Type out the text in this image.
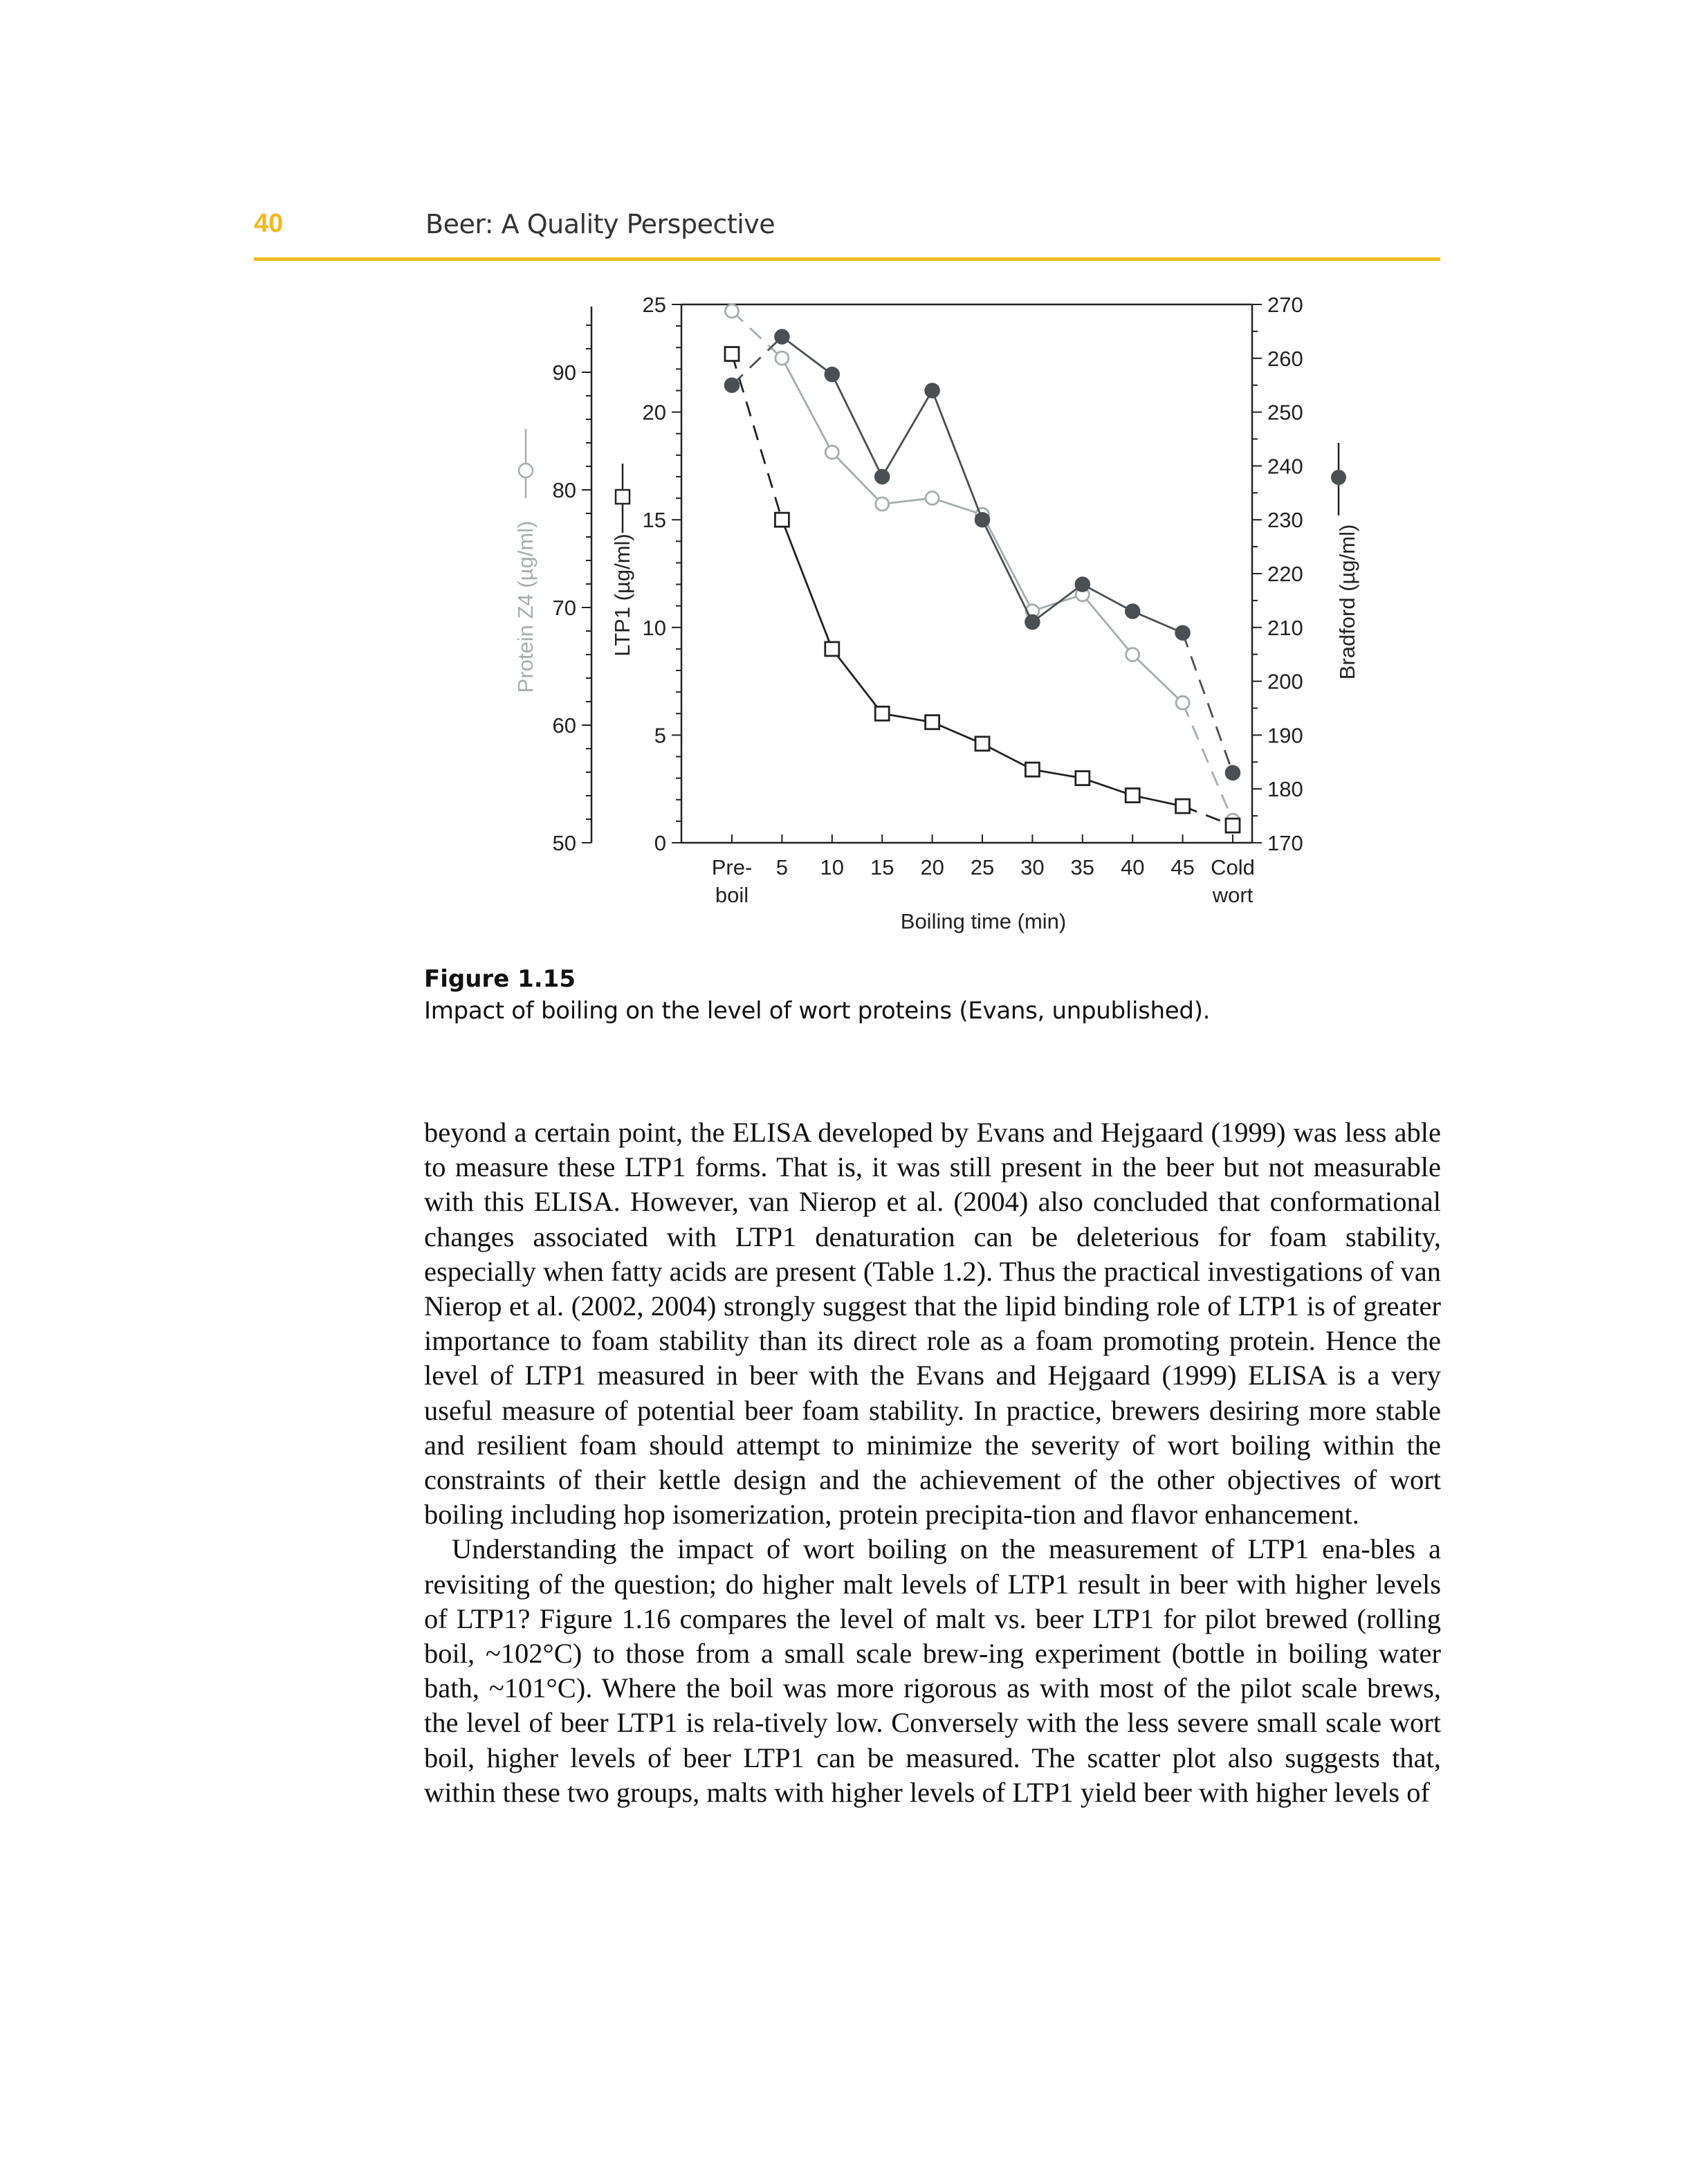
40	Beer: A Quality Perspective
50
60
70
80
90
0
5
10
15
20
25
170
180
190
200
210
220
230
240
250
260
270
Pre-
boil
5 10 15 20 25 30 35 40 45 Cold
wort
Boiling time (min)
Protein Z4 (µg/ml)	LTP1 (µg/ml)	Bradford (µg/ml)
Figure 1.15
Impact of boiling on the level of wort proteins (Evans, unpublished).

beyond a certain point, the ELISA developed by Evans and Hejgaard (1999) was less able to measure these LTP1 forms. That is, it was still present in the beer but not measurable with this ELISA. However, van Nierop et al. (2004) also concluded that conformational changes associated with LTP1 denaturation can be deleterious for foam stability, especially when fatty acids are present (Table 1.2). Thus the practical investigations of van Nierop et al. (2002, 2004) strongly suggest that the lipid binding role of LTP1 is of greater importance to foam stability than its direct role as a foam promoting protein. Hence the level of LTP1 measured in beer with the Evans and Hejgaard (1999) ELISA is a very useful measure of potential beer foam stability. In practice, brewers desiring more stable and resilient foam should attempt to minimize the severity of wort boiling within the constraints of their kettle design and the achievement of the other objectives of wort boiling including hop isomerization, protein precipita-tion and flavor enhancement.

Understanding the impact of wort boiling on the measurement of LTP1 ena-bles a revisiting of the question; do higher malt levels of LTP1 result in beer with higher levels of LTP1? Figure 1.16 compares the level of malt vs. beer LTP1 for pilot brewed (rolling boil, ~102°C) to those from a small scale brew-ing experiment (bottle in boiling water bath, ~101°C). Where the boil was more rigorous as with most of the pilot scale brews, the level of beer LTP1 is rela-tively low. Conversely with the less severe small scale wort boil, higher levels of beer LTP1 can be measured. The scatter plot also suggests that, within these two groups, malts with higher levels of LTP1 yield beer with higher levels of
